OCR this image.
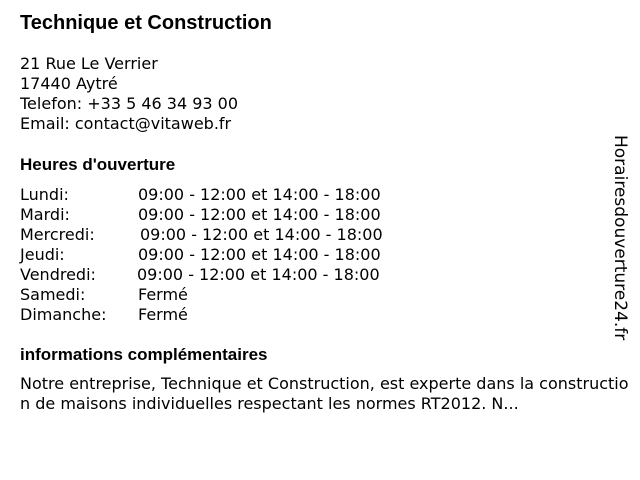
Technique et Construction
21 Rue Le Verrier
17440 Aytré
Telefon: +33 5 46 34 93 00
Email: contact@vitaweb.fr
Heures d'ouverture
Lundi:	09:00 - 12:00 et 14:00 - 18:00
Mardi:	09:00 - 12:00 et 14:00 - 18:00
Mercredi:	09:00 - 12:00 et 14:00 - 18:00
Jeudi:	09:00 - 12:00 et 14:00 - 18:00
Vendredi:	09:00 - 12:00 et 14:00 - 18:00
Samedi:	Fermé
Dimanche: Fermé
informations complémentaires
Notre entreprise, Technique et Construction, est experte dans la construction de maisons individuelles respectant les normes RT2012. N...
Horairesdouverture24.fr
